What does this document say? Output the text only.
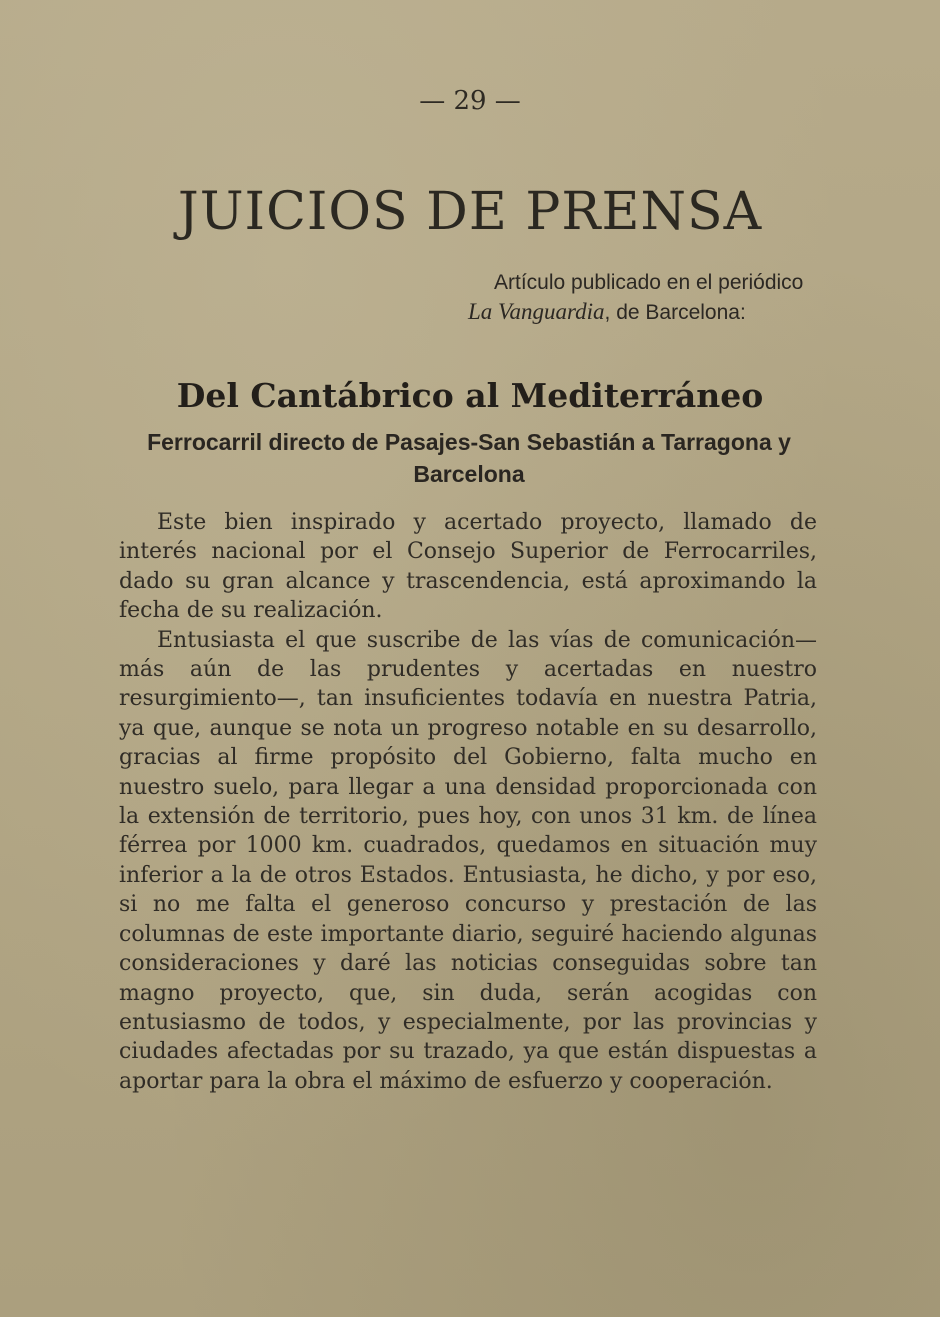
— 29 —
JUICIOS DE PRENSA
Artículo publicado en el periódico La Vanguardia, de Barcelona:
Del Cantábrico al Mediterráneo
Ferrocarril directo de Pasajes-San Sebastián a Tarragona y Barcelona

Este bien inspirado y acertado proyecto, llamado de interés nacional por el Consejo Superior de Ferrocarriles, dado su gran alcance y trascendencia, está aproximando la fecha de su realización.

Entusiasta el que suscribe de las vías de comunicación—más aún de las prudentes y acertadas en nuestro resurgimiento—, tan insuficientes todavía en nuestra Patria, ya que, aunque se nota un progreso notable en su desarrollo, gracias al firme propósito del Gobierno, falta mucho en nuestro suelo, para llegar a una densidad proporcionada con la extensión de territorio, pues hoy, con unos 31 km. de línea férrea por 1000 km. cuadrados, quedamos en situación muy inferior a la de otros Estados. Entusiasta, he dicho, y por eso, si no me falta el generoso concurso y prestación de las columnas de este importante diario, seguiré haciendo algunas consideraciones y daré las noticias conseguidas sobre tan magno proyecto, que, sin duda, serán acogidas con entusiasmo de todos, y especialmente, por las provincias y ciudades afectadas por su trazado, ya que están dispuestas a aportar para la obra el máximo de esfuerzo y cooperación.
